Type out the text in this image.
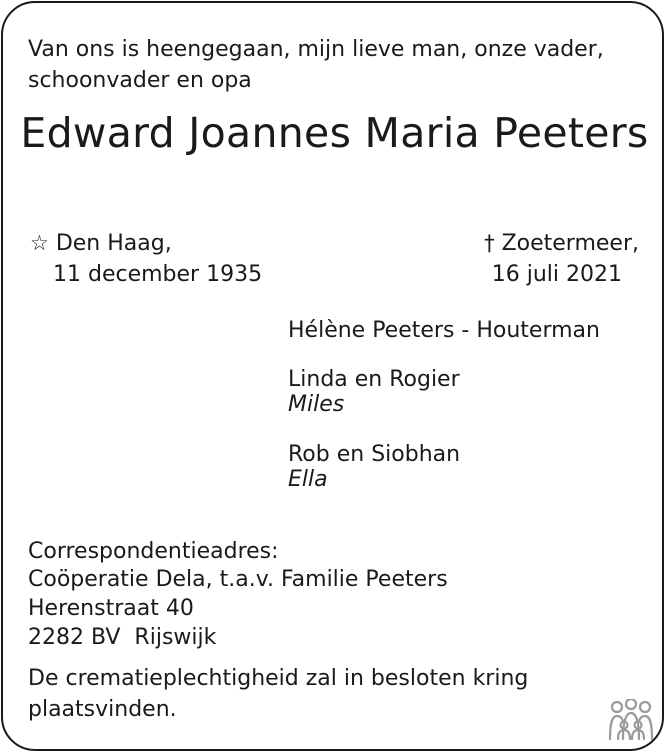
Van ons is heengegaan, mijn lieve man, onze vader, schoonvader en opa

Edward Joannes Maria Peeters

☆ Den Haag,

11 december 1935

† Zoetermeer,

16 juli 2021

Hélène Peeters - Houterman

Linda en Rogier

Miles

Rob en Siobhan

Ella

Correspondentieadres:

Coöperatie Dela, t.a.v. Familie Peeters

Herenstraat 40

2282 BV  Rijswijk

De crematieplechtigheid zal in besloten kring plaatsvinden.
